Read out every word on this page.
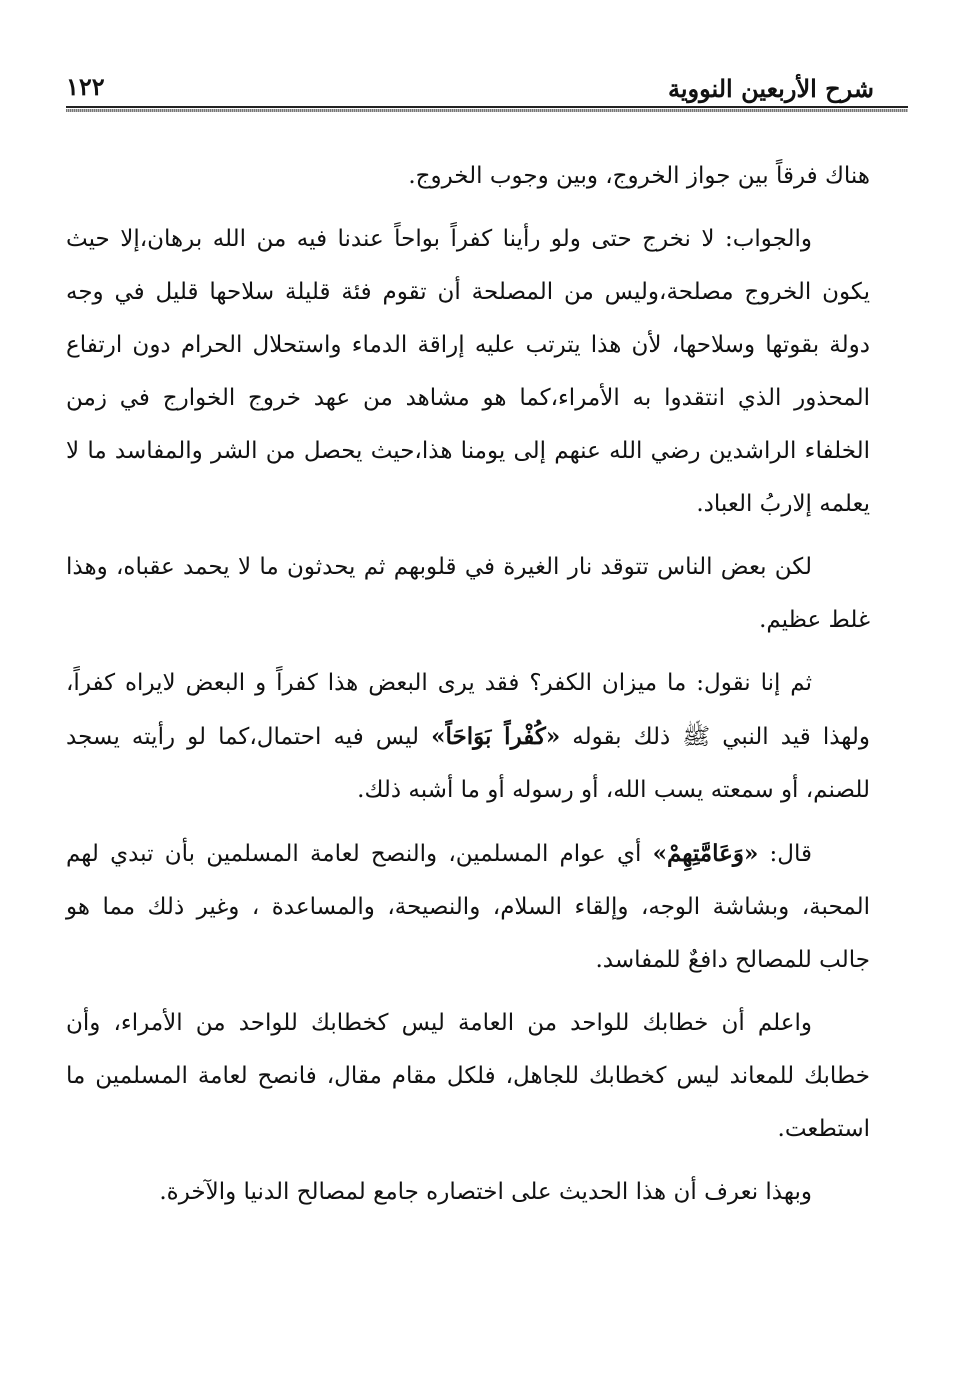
شرح الأربعين النووية
١٢٢

هناك فرقاً بين جواز الخروج، وبين وجوب الخروج.

والجواب: لا نخرج حتى ولو رأينا كفراً بواحاً عندنا فيه من الله برهان،إلا حيث يكون الخروج مصلحة،وليس من المصلحة أن تقوم فئة قليلة سلاحها قليل في وجه دولة بقوتها وسلاحها، لأن هذا يترتب عليه إراقة الدماء واستحلال الحرام دون ارتفاع المحذور الذي انتقدوا به الأمراء،كما هو مشاهد من عهد خروج الخوارج في زمن الخلفاء الراشدين رضي الله عنهم إلى يومنا هذا،حيث يحصل من الشر والمفاسد ما لا يعلمه إلاربُ العباد.

لكن بعض الناس تتوقد نار الغيرة في قلوبهم ثم يحدثون ما لا يحمد عقباه، وهذا غلط عظيم.

ثم إنا نقول: ما ميزان الكفر؟ فقد يرى البعض هذا كفراً و البعض لايراه كفراً، ولهذا قيد النبي ﷺ ذلك بقوله «كُفْراً بَوَاحَاً» ليس فيه احتمال،كما لو رأيته يسجد للصنم، أو سمعته يسب الله، أو رسوله أو ما أشبه ذلك.

قال: «وَعَامَّتِهِمْ» أي عوام المسلمين، والنصح لعامة المسلمين بأن تبدي لهم المحبة، وبشاشة الوجه، وإلقاء السلام، والنصيحة، والمساعدة ، وغير ذلك مما هو جالب للمصالح دافعٌ للمفاسد.

واعلم أن خطابك للواحد من العامة ليس كخطابك للواحد من الأمراء، وأن خطابك للمعاند ليس كخطابك للجاهل، فلكل مقام مقال، فانصح لعامة المسلمين ما استطعت.

وبهذا نعرف أن هذا الحديث على اختصاره جامع لمصالح الدنيا والآخرة.
